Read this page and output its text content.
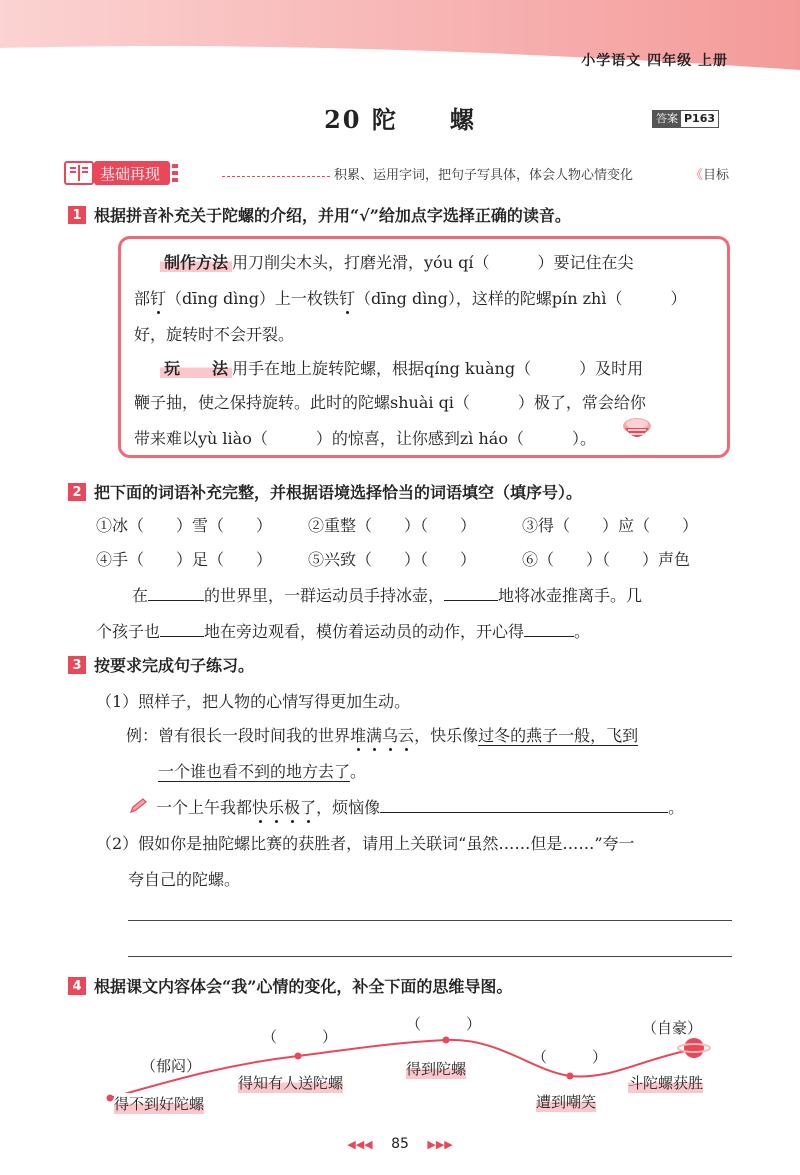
小学语文 四年级 上册
20 陀　　螺	答案 P163
基础再现	积累、运用字词，把句子写具体，体会人物心情变化	《目标
1 根据拼音补充关于陀螺的介绍，并用“√”给加点字选择正确的读音。
制作方法 用刀削尖木头，打磨光滑，yóu qí（　　　）要记住在尖
部钉（dīng dìng）上一枚铁钉（dīng dìng），这样的陀螺pín zhì（　　　）
好，旋转时不会开裂。
玩　　法 用手在地上旋转陀螺，根据qíng kuàng（　　　）及时用
鞭子抽，使之保持旋转。此时的陀螺shuài qi（　　　）极了，常会给你
带来难以yù liào（　　　）的惊喜，让你感到zì háo（　　　）。
2 把下面的词语补充完整，并根据语境选择恰当的词语填空（填序号）。
①冰（　　）雪（　　） ②重整（　　）（　　）	③得（　　）应（　　）
④手（　　）足（　　） ⑤兴致（　　）（　　）	⑥（　　）（　　）声色
在	的世界里，一群运动员手持冰壶，	地将冰壶推离手。几
个孩子也	地在旁边观看，模仿着运动员的动作，开心得	。
3 按要求完成句子练习。
（1）照样子，把人物的心情写得更加生动。
例：曾有很长一段时间我的世界堆满乌云，快乐像过冬的燕子一般，飞到
一个谁也看不到的地方去了。
一个上午我都快乐极了，烦恼像	。
（2）假如你是抽陀螺比赛的获胜者，请用上关联词“虽然……但是……”夸一
夸自己的陀螺。
4 根据课文内容体会“我”心情的变化，补全下面的思维导图。
（郁闷）
（　　　）
（　　　）
（　　　）
（自豪）
得不到好陀螺
得知有人送陀螺
得到陀螺
遭到嘲笑
斗陀螺获胜
◀◀◀ 85 ▶▶▶
